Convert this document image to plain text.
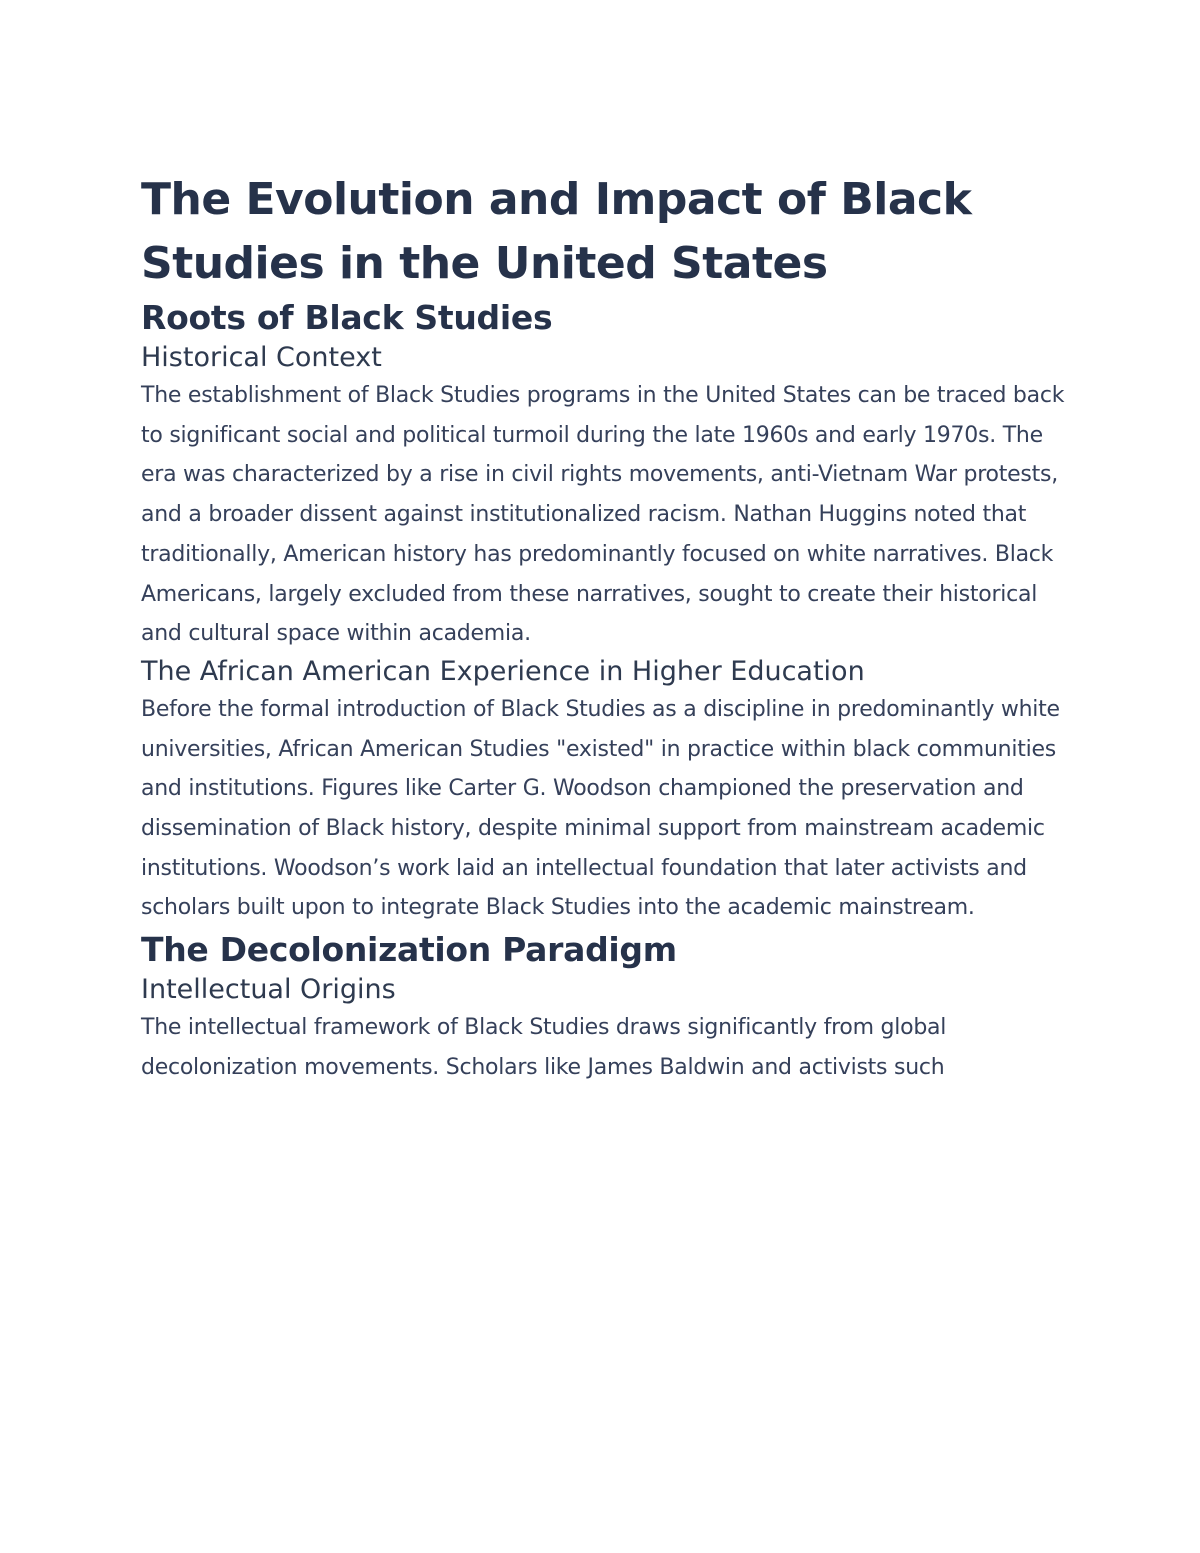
The Evolution and Impact of Black Studies in the United States
Roots of Black Studies
Historical Context

The establishment of Black Studies programs in the United States can be traced back to significant social and political turmoil during the late 1960s and early 1970s. The era was characterized by a rise in civil rights movements, anti-Vietnam War protests, and a broader dissent against institutionalized racism. Nathan Huggins noted that traditionally, American history has predominantly focused on white narratives. Black Americans, largely excluded from these narratives, sought to create their historical and cultural space within academia.

The African American Experience in Higher Education

Before the formal introduction of Black Studies as a discipline in predominantly white universities, African American Studies "existed" in practice within black communities and institutions. Figures like Carter G. Woodson championed the preservation and dissemination of Black history, despite minimal support from mainstream academic institutions. Woodson’s work laid an intellectual foundation that later activists and scholars built upon to integrate Black Studies into the academic mainstream.

The Decolonization Paradigm
Intellectual Origins

The intellectual framework of Black Studies draws significantly from global decolonization movements. Scholars like James Baldwin and activists such
